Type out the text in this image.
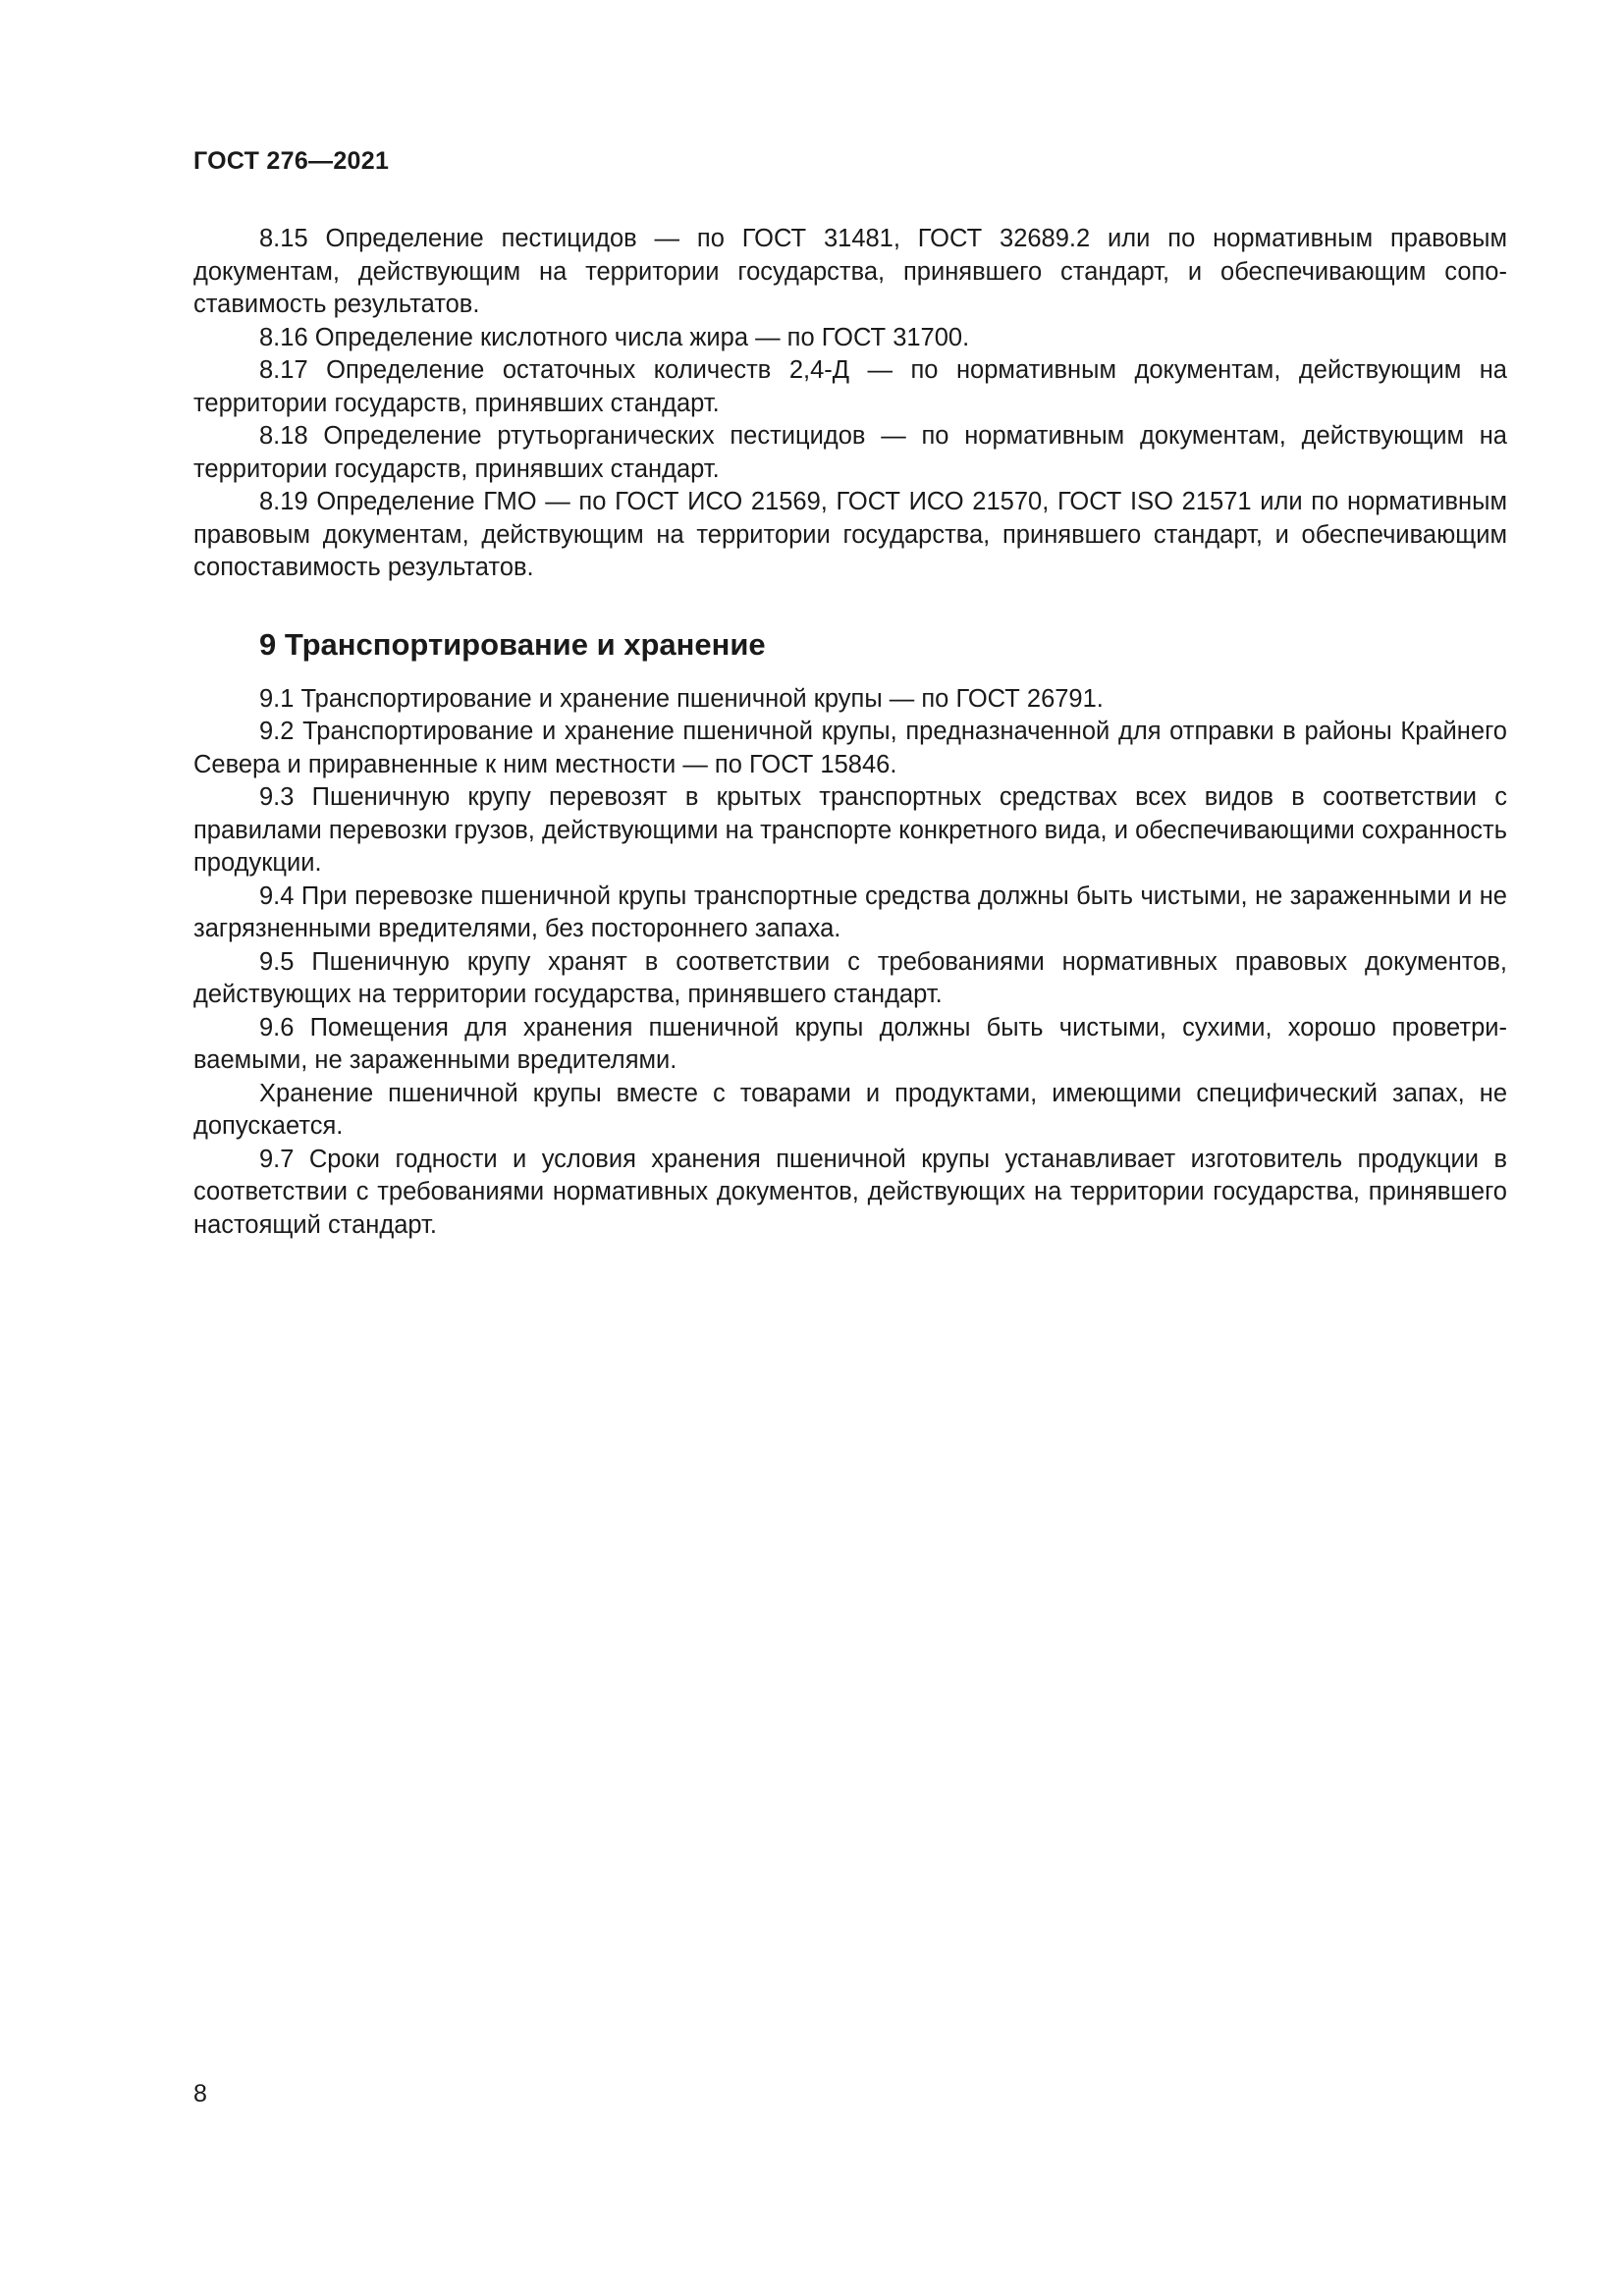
ГОСТ 276—2021

8.15 Определение пестицидов — по ГОСТ 31481, ГОСТ 32689.2 или по нормативным правовым документам, действующим на территории государства, принявшего стандарт, и обеспечивающим сопоставимость результатов.

8.16 Определение кислотного числа жира — по ГОСТ 31700.

8.17 Определение остаточных количеств 2,4-Д — по нормативным документам, действующим на территории государств, принявших стандарт.

8.18 Определение ртутьорганических пестицидов — по нормативным документам, действующим на территории государств, принявших стандарт.

8.19 Определение ГМО — по ГОСТ ИСО 21569, ГОСТ ИСО 21570, ГОСТ ISO 21571 или по нормативным правовым документам, действующим на территории государства, принявшего стандарт, и обеспечивающим сопоставимость результатов.

9 Транспортирование и хранение

9.1 Транспортирование и хранение пшеничной крупы — по ГОСТ 26791.

9.2 Транспортирование и хранение пшеничной крупы, предназначенной для отправки в районы Крайнего Севера и приравненные к ним местности — по ГОСТ 15846.

9.3 Пшеничную крупу перевозят в крытых транспортных средствах всех видов в соответствии с правилами перевозки грузов, действующими на транспорте конкретного вида, и обеспечивающими сохранность продукции.

9.4 При перевозке пшеничной крупы транспортные средства должны быть чистыми, не зараженными и не загрязненными вредителями, без постороннего запаха.

9.5 Пшеничную крупу хранят в соответствии с требованиями нормативных правовых документов, действующих на территории государства, принявшего стандарт.

9.6 Помещения для хранения пшеничной крупы должны быть чистыми, сухими, хорошо проветриваемыми, не зараженными вредителями.

Хранение пшеничной крупы вместе с товарами и продуктами, имеющими специфический запах, не допускается.

9.7 Сроки годности и условия хранения пшеничной крупы устанавливает изготовитель продукции в соответствии с требованиями нормативных документов, действующих на территории государства, принявшего настоящий стандарт.

8
